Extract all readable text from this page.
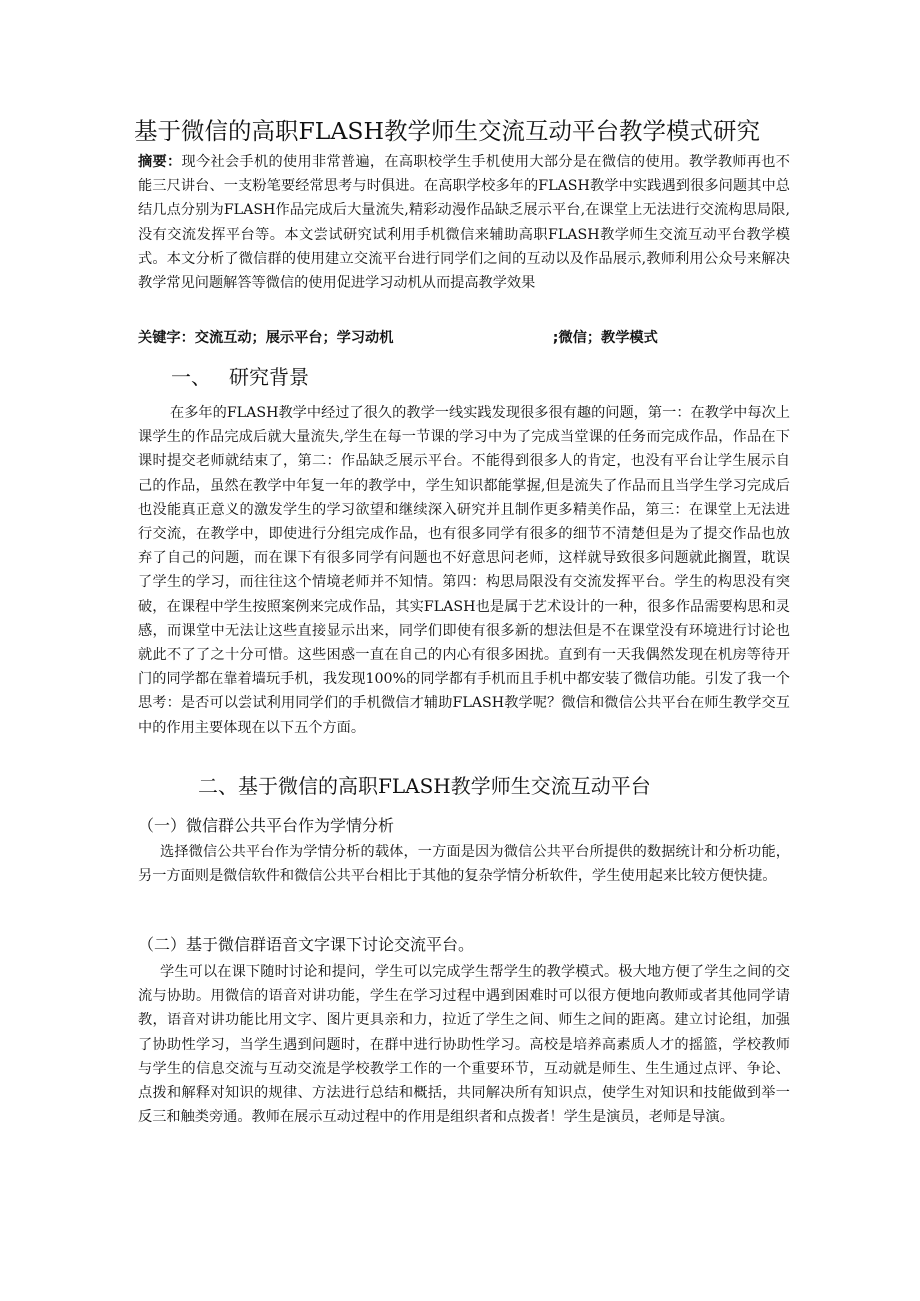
基于微信的高职FLASH教学师生交流互动平台教学模式研究
摘要：现今社会手机的使用非常普遍，在高职校学生手机使用大部分是在微信的使用。教学教师再也不能三尺讲台、一支粉笔要经常思考与时俱进。在高职学校多年的FLASH教学中实践遇到很多问题其中总结几点分别为FLASH作品完成后大量流失,精彩动漫作品缺乏展示平台,在课堂上无法进行交流构思局限,没有交流发挥平台等。本文尝试研究试利用手机微信来辅助高职FLASH教学师生交流互动平台教学模式。本文分析了微信群的使用建立交流平台进行同学们之间的互动以及作品展示,教师利用公众号来解决教学常见问题解答等微信的使用促进学习动机从而提高教学效果
关键字：交流互动；展示平台；学习动机	;微信；教学模式
一、 研究背景
在多年的FLASH教学中经过了很久的教学一线实践发现很多很有趣的问题，第一：在教学中每次上课学生的作品完成后就大量流失,学生在每一节课的学习中为了完成当堂课的任务而完成作品，作品在下课时提交老师就结束了，第二：作品缺乏展示平台。不能得到很多人的肯定，也没有平台让学生展示自己的作品，虽然在教学中年复一年的教学中，学生知识都能掌握,但是流失了作品而且当学生学习完成后也没能真正意义的激发学生的学习欲望和继续深入研究并且制作更多精美作品，第三：在课堂上无法进行交流，在教学中，即使进行分组完成作品，也有很多同学有很多的细节不清楚但是为了提交作品也放弃了自己的问题，而在课下有很多同学有问题也不好意思问老师，这样就导致很多问题就此搁置，耽误了学生的学习，而往往这个情境老师并不知情。第四：构思局限没有交流发挥平台。学生的构思没有突破，在课程中学生按照案例来完成作品，其实FLASH也是属于艺术设计的一种，很多作品需要构思和灵感，而课堂中无法让这些直接显示出来，同学们即使有很多新的想法但是不在课堂没有环境进行讨论也就此不了了之十分可惜。这些困惑一直在自己的内心有很多困扰。直到有一天我偶然发现在机房等待开门的同学都在靠着墙玩手机，我发现100%的同学都有手机而且手机中都安装了微信功能。引发了我一个思考：是否可以尝试利用同学们的手机微信才辅助FLASH教学呢？微信和微信公共平台在师生教学交互中的作用主要体现在以下五个方面。
二、基于微信的高职FLASH教学师生交流互动平台
（一）微信群公共平台作为学情分析
选择微信公共平台作为学情分析的载体，一方面是因为微信公共平台所提供的数据统计和分析功能，另一方面则是微信软件和微信公共平台相比于其他的复杂学情分析软件，学生使用起来比较方便快捷。
（二）基于微信群语音文字课下讨论交流平台。
学生可以在课下随时讨论和提问，学生可以完成学生帮学生的教学模式。极大地方便了学生之间的交流与协助。用微信的语音对讲功能，学生在学习过程中遇到困难时可以很方便地向教师或者其他同学请教，语音对讲功能比用文字、图片更具亲和力，拉近了学生之间、师生之间的距离。建立讨论组，加强了协助性学习，当学生遇到问题时，在群中进行协助性学习。高校是培养高素质人才的摇篮，学校教师与学生的信息交流与互动交流是学校教学工作的一个重要环节，互动就是师生、生生通过点评、争论、点拨和解释对知识的规律、方法进行总结和概括，共同解决所有知识点，使学生对知识和技能做到举一反三和触类旁通。教师在展示互动过程中的作用是组织者和点拨者！学生是演员，老师是导演。
